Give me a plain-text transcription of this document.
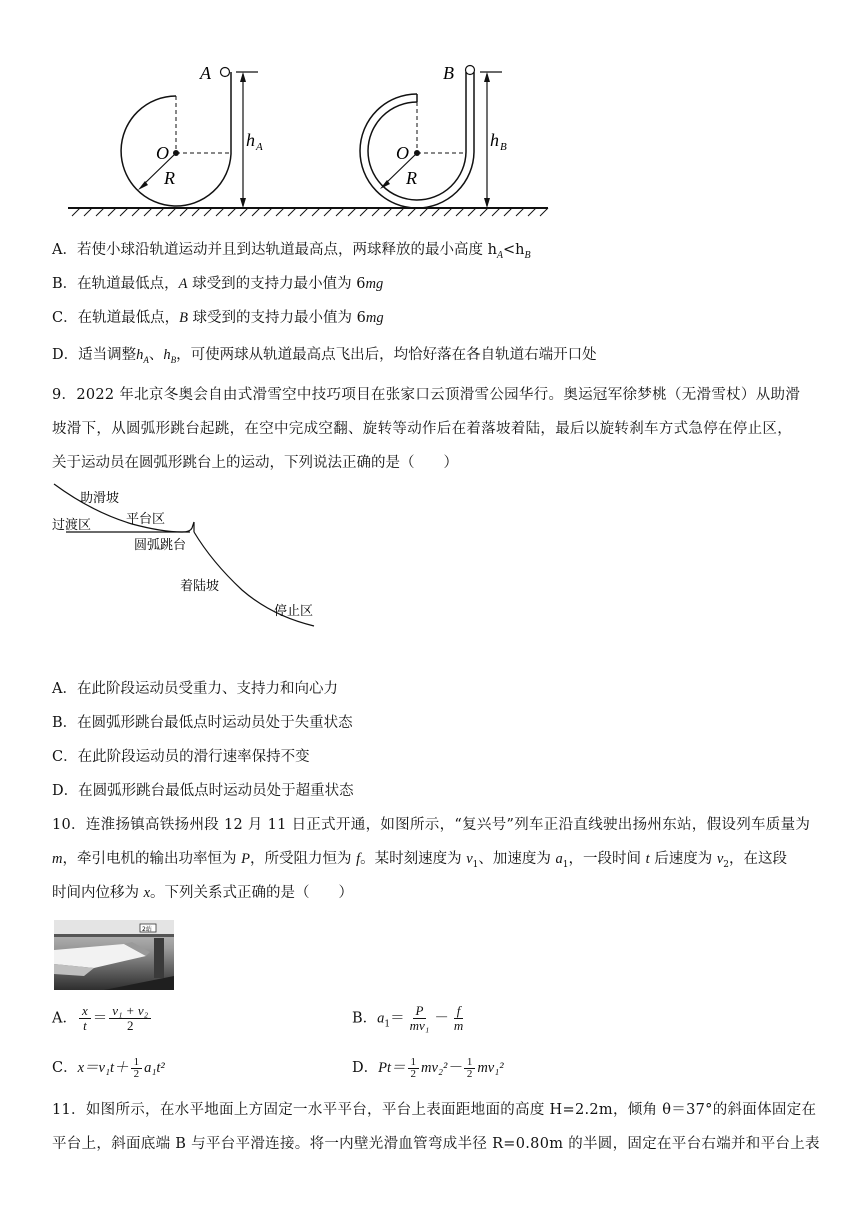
A
O
R
h A
B
O
R
h B
A．若使小球沿轨道运动并且到达轨道最高点，两球释放的最小高度 $h_A<h_B$
B．在轨道最低点，A 球受到的支持力最小值为 6mg
C．在轨道最低点，B 球受到的支持力最小值为 6mg
D．适当调整$h_A$、$h_B$，可使两球从轨道最高点飞出后，均恰好落在各自轨道右端开口处
9．2022 年北京冬奥会自由式滑雪空中技巧项目在张家口云顶滑雪公园华行。奥运冠军徐梦桃（无滑雪杖）从助滑
坡滑下，从圆弧形跳台起跳，在空中完成空翻、旋转等动作后在着落坡着陆，最后以旋转刹车方式急停在停止区，
关于运动员在圆弧形跳台上的运动，下列说法正确的是（　　）
助滑坡
平台区
过渡区
圆弧跳台
着陆坡
停止区
A．在此阶段运动员受重力、支持力和向心力
B．在圆弧形跳台最低点时运动员处于失重状态
C．在此阶段运动员的滑行速率保持不变
D．在圆弧形跳台最低点时运动员处于超重状态
10．连淮扬镇高铁扬州段 12 月 11 日正式开通，如图所示，“复兴号”列车正沿直线驶出扬州东站，假设列车质量为
m，牵引电机的输出功率恒为 P，所受阻力恒为 f。某时刻速度为 $v_1$、加速度为 $a_1$，一段时间 t 后速度为 $v_2$，在这段
时间内位移为 x。下列关系式正确的是（　　）
2站
A． $\frac{x}{t} = \frac{\text{v₁ + v₂}}{2}$	B．$a_1= \frac{P}{\text{mv₁}} - \frac{f}{m}$
C．$x=v_1t+ \frac{1}{2} a_1t^2$	D．$Pt= \frac{1}{2} mv_2^2- \frac{1}{2} mv_1^2$
11．如图所示，在水平地面上方固定一水平平台，平台上表面距地面的高度 H=2.2m，倾角 θ＝37°的斜面体固定在
平台上，斜面底端 B 与平台平滑连接。将一内壁光滑血管弯成半径 R=0.80m 的半圆，固定在平台右端并和平台上表
